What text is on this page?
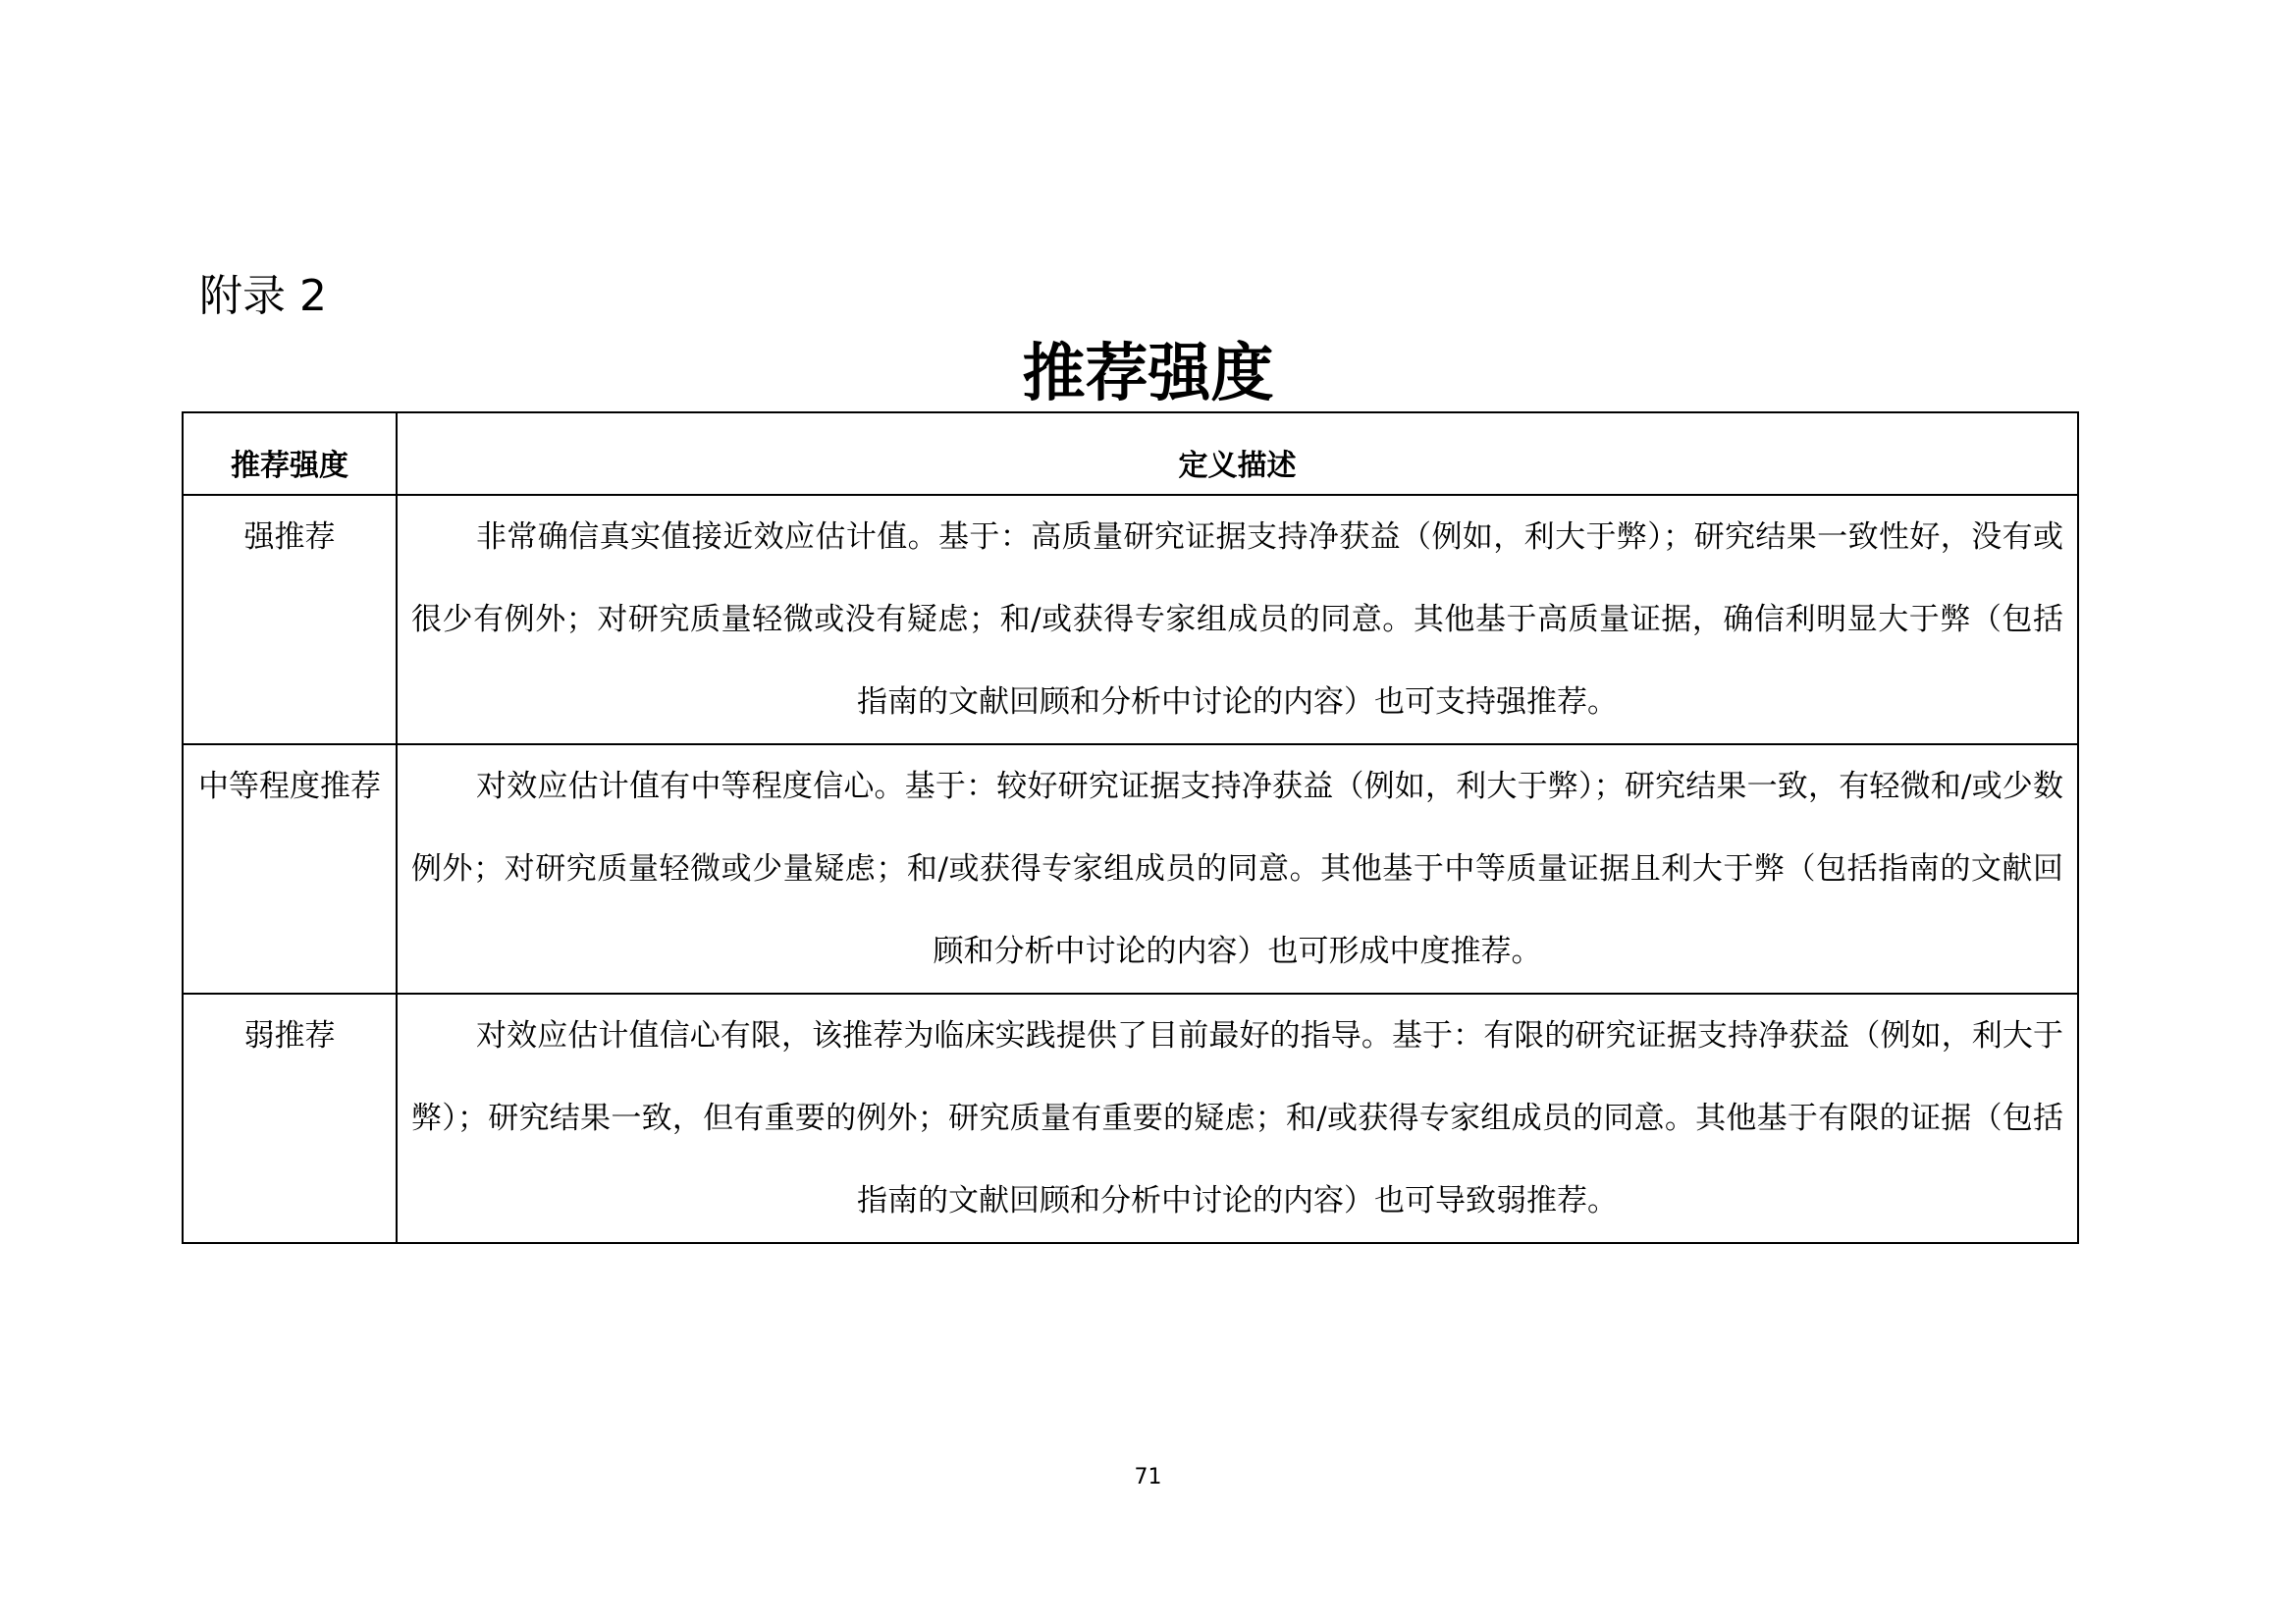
附录 2
推荐强度
推荐强度	定义描述

强推荐	非常确信真实值接近效应估计值。基于：高质量研究证据支持净获益（例如，利大于弊）；研究结果一致性好，没有或很少有例外；对研究质量轻微或没有疑虑；和/或获得专家组成员的同意。其他基于高质量证据，确信利明显大于弊（包括指南的文献回顾和分析中讨论的内容）也可支持强推荐。

中等程度推荐	对效应估计值有中等程度信心。基于：较好研究证据支持净获益（例如，利大于弊）；研究结果一致，有轻微和/或少数例外；对研究质量轻微或少量疑虑；和/或获得专家组成员的同意。其他基于中等质量证据且利大于弊（包括指南的文献回顾和分析中讨论的内容）也可形成中度推荐。

弱推荐	对效应估计值信心有限，该推荐为临床实践提供了目前最好的指导。基于：有限的研究证据支持净获益（例如，利大于弊）；研究结果一致，但有重要的例外；研究质量有重要的疑虑；和/或获得专家组成员的同意。其他基于有限的证据（包括指南的文献回顾和分析中讨论的内容）也可导致弱推荐。
71
